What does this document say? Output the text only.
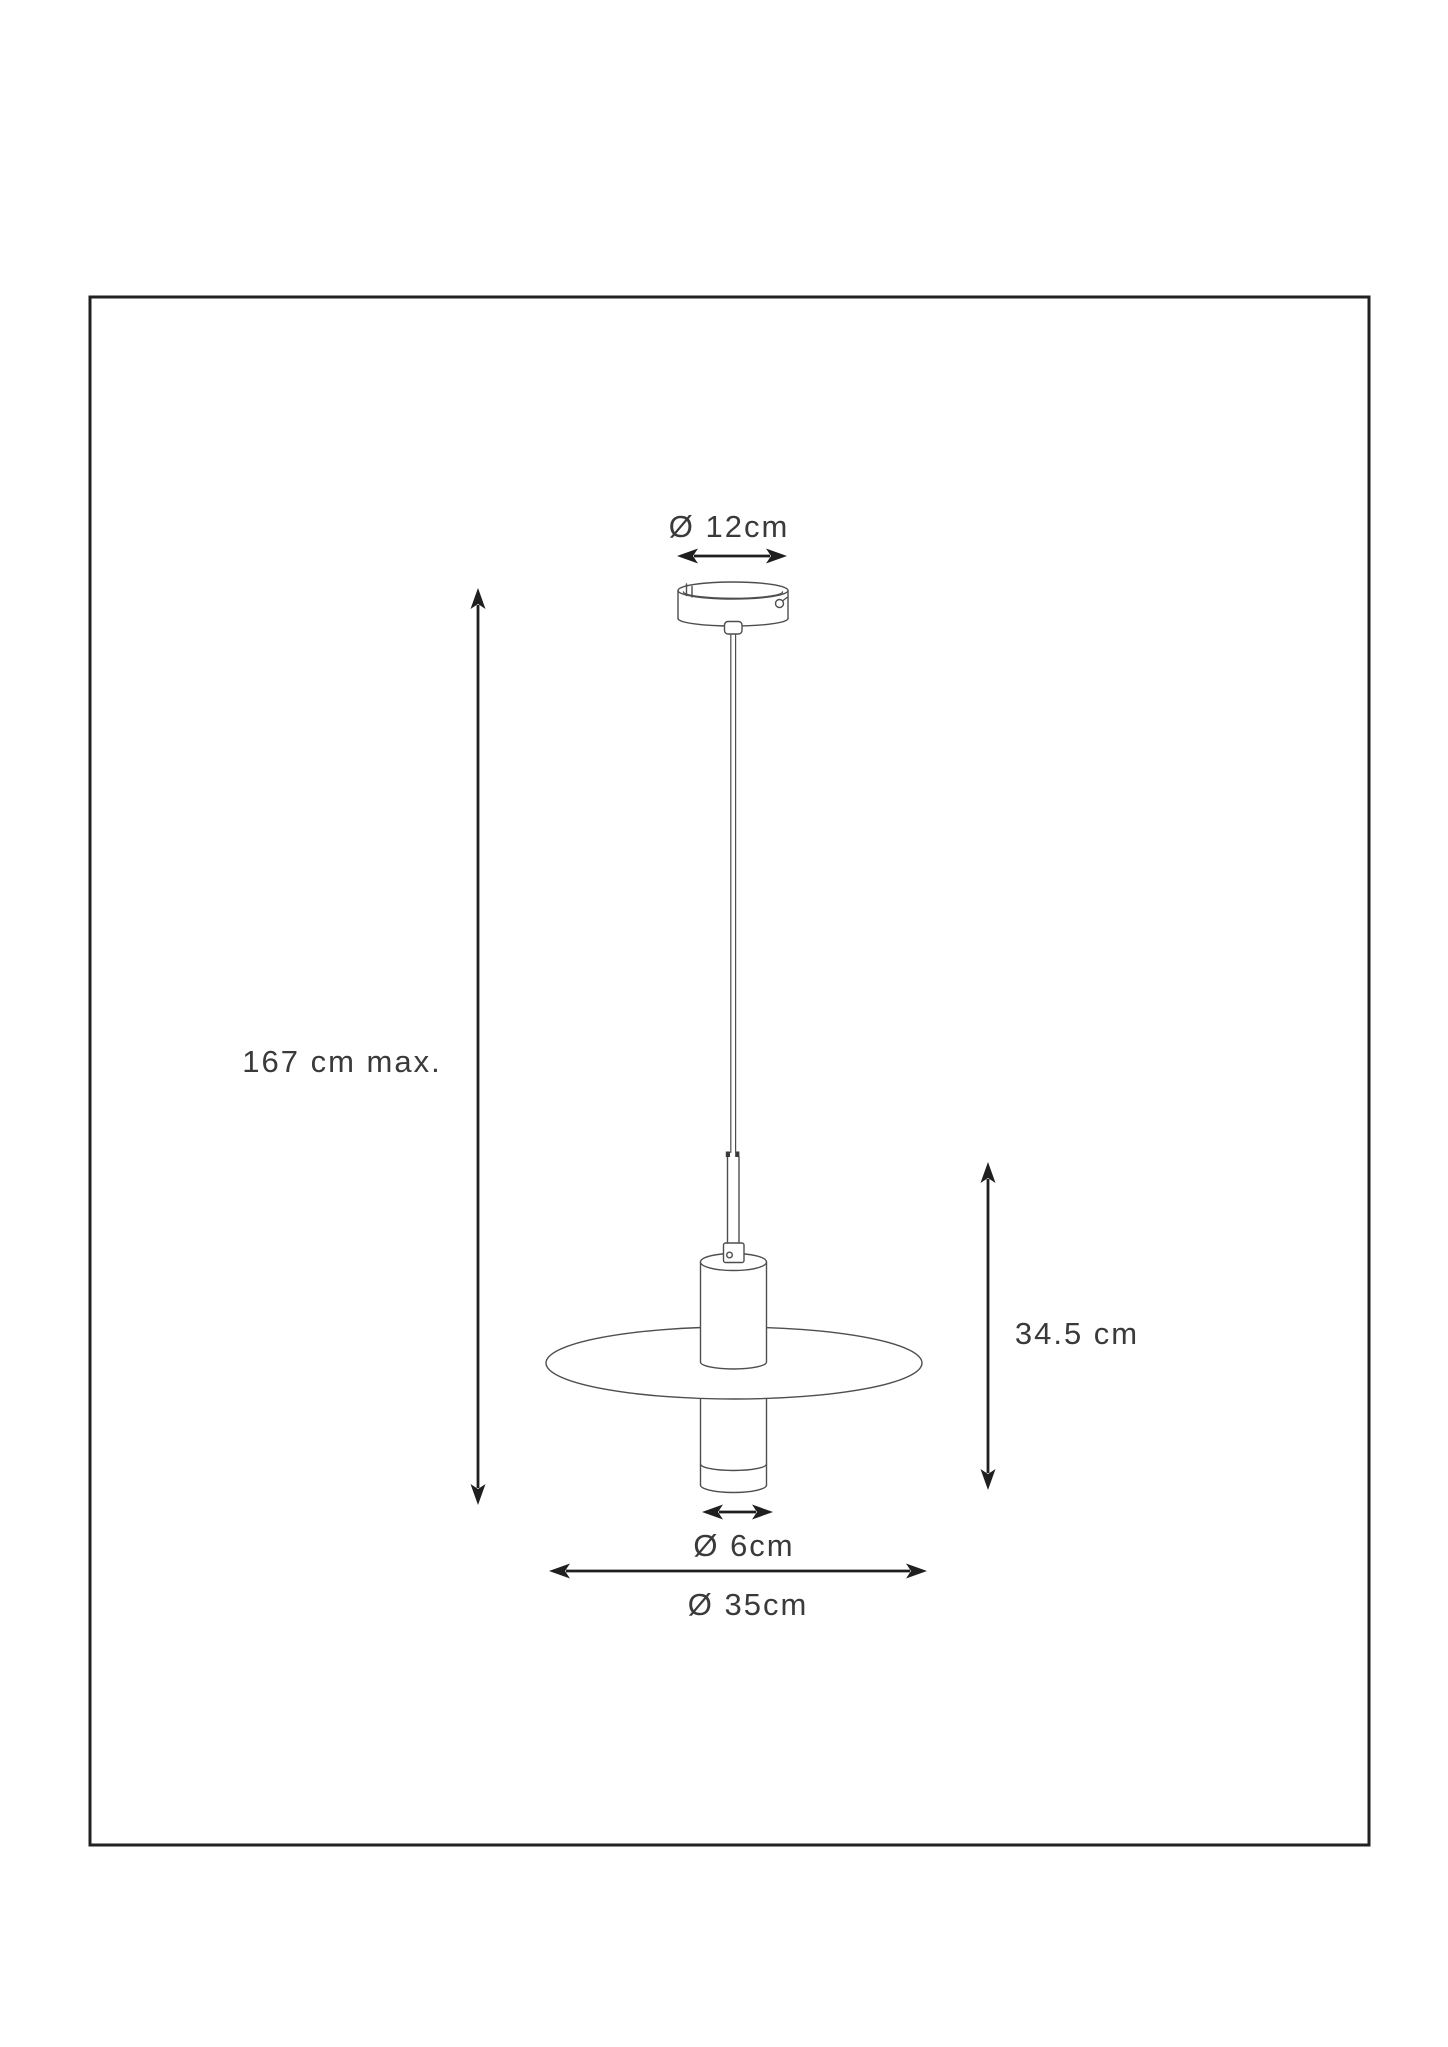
Ø 12cm
167 cm max.
34.5 cm
Ø 6cm
Ø 35cm
